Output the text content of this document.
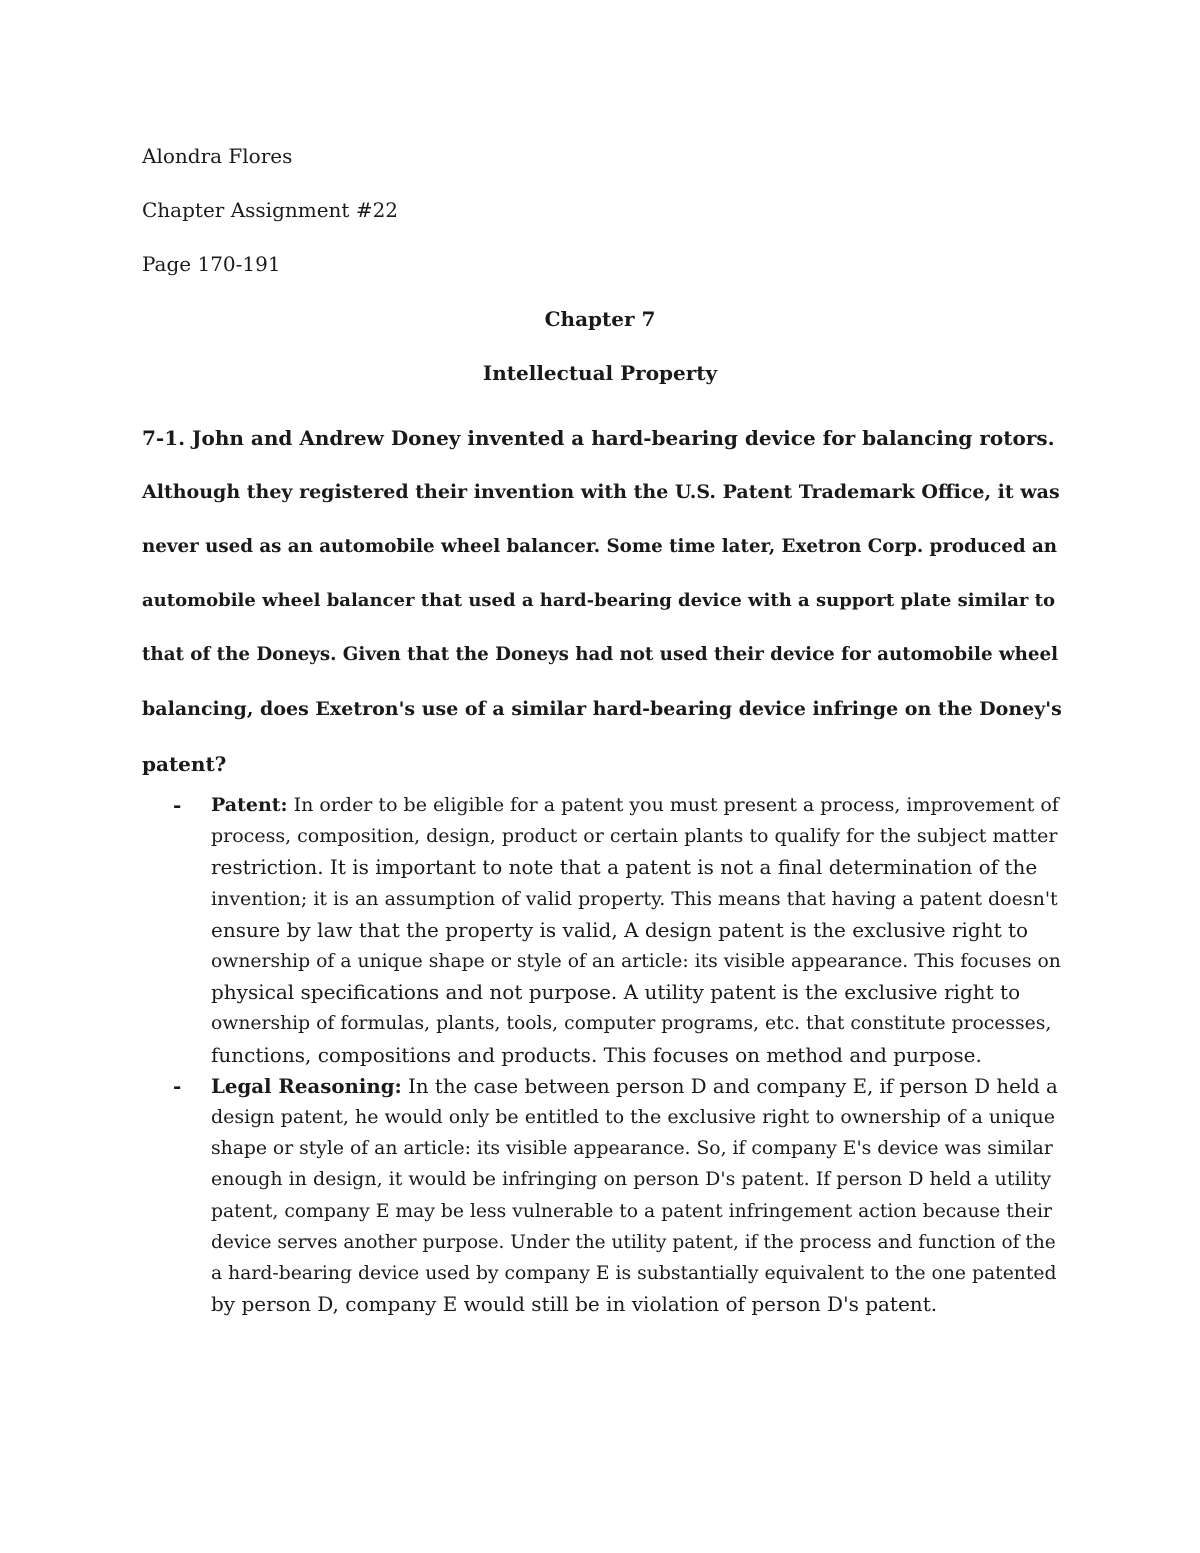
Alondra Flores
Chapter Assignment #22
Page 170-191
Chapter 7
Intellectual Property
7-1. John and Andrew Doney invented a hard-bearing device for balancing rotors.
Although they registered their invention with the U.S. Patent Trademark Office, it was
never used as an automobile wheel balancer. Some time later, Exetron Corp. produced an
automobile wheel balancer that used a hard-bearing device with a support plate similar to
that of the Doneys. Given that the Doneys had not used their device for automobile wheel
balancing, does Exetron's use of a similar hard-bearing device infringe on the Doney's
patent?
- Patent: In order to be eligible for a patent you must present a process, improvement of
process, composition, design, product or certain plants to qualify for the subject matter
restriction. It is important to note that a patent is not a final determination of the
invention; it is an assumption of valid property. This means that having a patent doesn't
ensure by law that the property is valid, A design patent is the exclusive right to
ownership of a unique shape or style of an article: its visible appearance. This focuses on
physical specifications and not purpose. A utility patent is the exclusive right to
ownership of formulas, plants, tools, computer programs, etc. that constitute processes,
functions, compositions and products. This focuses on method and purpose.
- Legal Reasoning: In the case between person D and company E, if person D held a
design patent, he would only be entitled to the exclusive right to ownership of a unique
shape or style of an article: its visible appearance. So, if company E's device was similar
enough in design, it would be infringing on person D's patent. If person D held a utility
patent, company E may be less vulnerable to a patent infringement action because their
device serves another purpose. Under the utility patent, if the process and function of the
a hard-bearing device used by company E is substantially equivalent to the one patented
by person D, company E would still be in violation of person D's patent.
